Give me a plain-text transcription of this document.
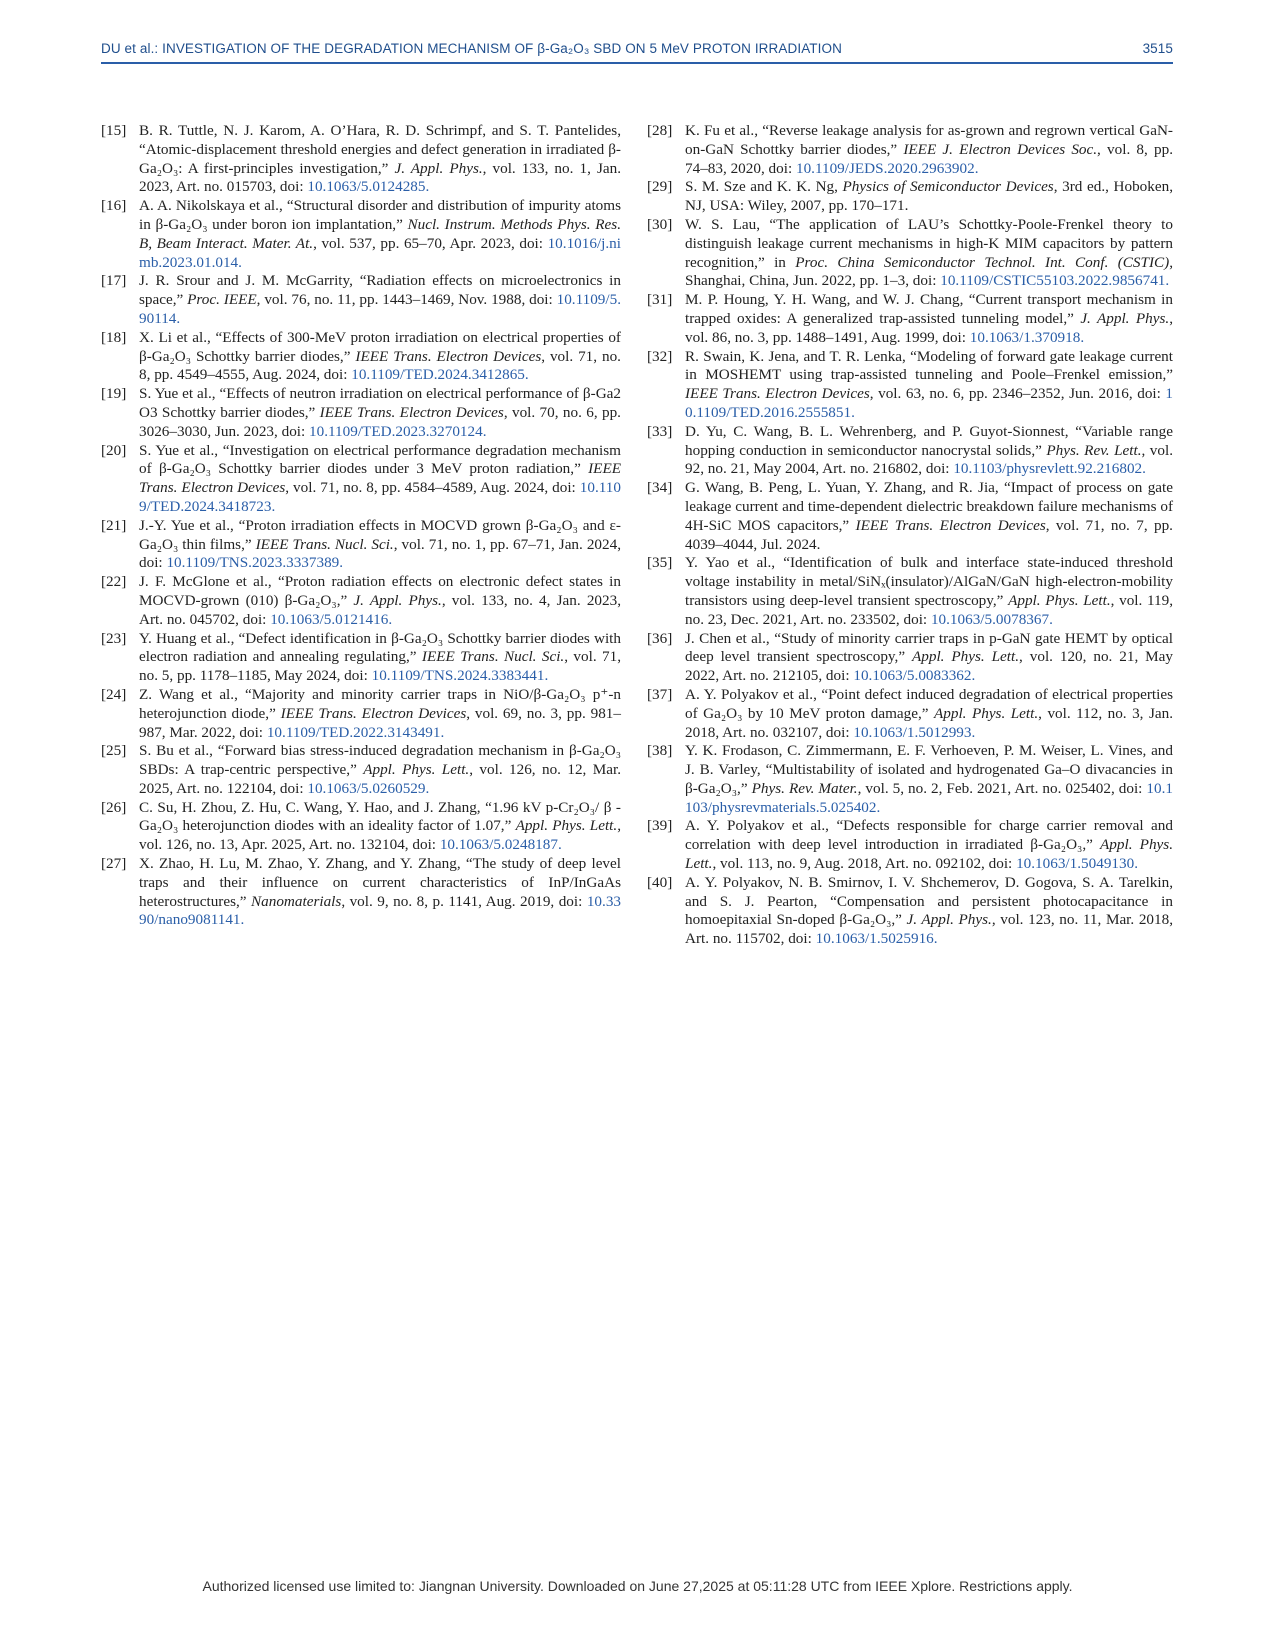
DU et al.: INVESTIGATION OF THE DEGRADATION MECHANISM OF β-Ga₂O₃ SBD ON 5 MeV PROTON IRRADIATION	3515

[15] B. R. Tuttle, N. J. Karom, A. O’Hara, R. D. Schrimpf, and S. T. Pantelides, “Atomic-displacement threshold energies and defect generation in irradiated β-Ga₂O₃: A first-principles investigation,” J. Appl. Phys., vol. 133, no. 1, Jan. 2023, Art. no. 015703, doi: 10.1063/5.0124285.

[16] A. A. Nikolskaya et al., “Structural disorder and distribution of impurity atoms in β-Ga₂O₃ under boron ion implantation,” Nucl. Instrum. Methods Phys. Res. B, Beam Interact. Mater. At., vol. 537, pp. 65–70, Apr. 2023, doi: 10.1016/j.nimb.2023.01.014.

[17] J. R. Srour and J. M. McGarrity, “Radiation effects on microelectronics in space,” Proc. IEEE, vol. 76, no. 11, pp. 1443–1469, Nov. 1988, doi: 10.1109/5.90114.

[18] X. Li et al., “Effects of 300-MeV proton irradiation on electrical properties of β-Ga₂O₃ Schottky barrier diodes,” IEEE Trans. Electron Devices, vol. 71, no. 8, pp. 4549–4555, Aug. 2024, doi: 10.1109/TED.2024.3412865.

[19] S. Yue et al., “Effects of neutron irradiation on electrical performance of β-Ga2 O3 Schottky barrier diodes,” IEEE Trans. Electron Devices, vol. 70, no. 6, pp. 3026–3030, Jun. 2023, doi: 10.1109/TED.2023.3270124.

[20] S. Yue et al., “Investigation on electrical performance degradation mechanism of β-Ga₂O₃ Schottky barrier diodes under 3 MeV proton radiation,” IEEE Trans. Electron Devices, vol. 71, no. 8, pp. 4584–4589, Aug. 2024, doi: 10.1109/TED.2024.3418723.

[21] J.-Y. Yue et al., “Proton irradiation effects in MOCVD grown β-Ga₂O₃ and ε-Ga₂O₃ thin films,” IEEE Trans. Nucl. Sci., vol. 71, no. 1, pp. 67–71, Jan. 2024, doi: 10.1109/TNS.2023.3337389.

[22] J. F. McGlone et al., “Proton radiation effects on electronic defect states in MOCVD-grown (010) β-Ga₂O₃,” J. Appl. Phys., vol. 133, no. 4, Jan. 2023, Art. no. 045702, doi: 10.1063/5.0121416.

[23] Y. Huang et al., “Defect identification in β-Ga₂O₃ Schottky barrier diodes with electron radiation and annealing regulating,” IEEE Trans. Nucl. Sci., vol. 71, no. 5, pp. 1178–1185, May 2024, doi: 10.1109/TNS.2024.3383441.

[24] Z. Wang et al., “Majority and minority carrier traps in NiO/β-Ga₂O₃ p⁺-n heterojunction diode,” IEEE Trans. Electron Devices, vol. 69, no. 3, pp. 981–987, Mar. 2022, doi: 10.1109/TED.2022.3143491.

[25] S. Bu et al., “Forward bias stress-induced degradation mechanism in β-Ga₂O₃ SBDs: A trap-centric perspective,” Appl. Phys. Lett., vol. 126, no. 12, Mar. 2025, Art. no. 122104, doi: 10.1063/5.0260529.

[26] C. Su, H. Zhou, Z. Hu, C. Wang, Y. Hao, and J. Zhang, “1.96 kV p-Cr₂O₃/ β -Ga₂O₃ heterojunction diodes with an ideality factor of 1.07,” Appl. Phys. Lett., vol. 126, no. 13, Apr. 2025, Art. no. 132104, doi: 10.1063/5.0248187.

[27] X. Zhao, H. Lu, M. Zhao, Y. Zhang, and Y. Zhang, “The study of deep level traps and their influence on current characteristics of InP/InGaAs heterostructures,” Nanomaterials, vol. 9, no. 8, p. 1141, Aug. 2019, doi: 10.3390/nano9081141.

[28] K. Fu et al., “Reverse leakage analysis for as-grown and regrown vertical GaN-on-GaN Schottky barrier diodes,” IEEE J. Electron Devices Soc., vol. 8, pp. 74–83, 2020, doi: 10.1109/JEDS.2020.2963902.

[29] S. M. Sze and K. K. Ng, Physics of Semiconductor Devices, 3rd ed., Hoboken, NJ, USA: Wiley, 2007, pp. 170–171.

[30] W. S. Lau, “The application of LAU’s Schottky-Poole-Frenkel theory to distinguish leakage current mechanisms in high-K MIM capacitors by pattern recognition,” in Proc. China Semiconductor Technol. Int. Conf. (CSTIC), Shanghai, China, Jun. 2022, pp. 1–3, doi: 10.1109/CSTIC55103.2022.9856741.

[31] M. P. Houng, Y. H. Wang, and W. J. Chang, “Current transport mechanism in trapped oxides: A generalized trap-assisted tunneling model,” J. Appl. Phys., vol. 86, no. 3, pp. 1488–1491, Aug. 1999, doi: 10.1063/1.370918.

[32] R. Swain, K. Jena, and T. R. Lenka, “Modeling of forward gate leakage current in MOSHEMT using trap-assisted tunneling and Poole–Frenkel emission,” IEEE Trans. Electron Devices, vol. 63, no. 6, pp. 2346–2352, Jun. 2016, doi: 10.1109/TED.2016.2555851.

[33] D. Yu, C. Wang, B. L. Wehrenberg, and P. Guyot-Sionnest, “Variable range hopping conduction in semiconductor nanocrystal solids,” Phys. Rev. Lett., vol. 92, no. 21, May 2004, Art. no. 216802, doi: 10.1103/physrevlett.92.216802.

[34] G. Wang, B. Peng, L. Yuan, Y. Zhang, and R. Jia, “Impact of process on gate leakage current and time-dependent dielectric breakdown failure mechanisms of 4H-SiC MOS capacitors,” IEEE Trans. Electron Devices, vol. 71, no. 7, pp. 4039–4044, Jul. 2024.

[35] Y. Yao et al., “Identification of bulk and interface state-induced threshold voltage instability in metal/SiNₓ(insulator)/AlGaN/GaN high-electron-mobility transistors using deep-level transient spectroscopy,” Appl. Phys. Lett., vol. 119, no. 23, Dec. 2021, Art. no. 233502, doi: 10.1063/5.0078367.

[36] J. Chen et al., “Study of minority carrier traps in p-GaN gate HEMT by optical deep level transient spectroscopy,” Appl. Phys. Lett., vol. 120, no. 21, May 2022, Art. no. 212105, doi: 10.1063/5.0083362.

[37] A. Y. Polyakov et al., “Point defect induced degradation of electrical properties of Ga₂O₃ by 10 MeV proton damage,” Appl. Phys. Lett., vol. 112, no. 3, Jan. 2018, Art. no. 032107, doi: 10.1063/1.5012993.

[38] Y. K. Frodason, C. Zimmermann, E. F. Verhoeven, P. M. Weiser, L. Vines, and J. B. Varley, “Multistability of isolated and hydrogenated Ga–O divacancies in β-Ga₂O₃,” Phys. Rev. Mater., vol. 5, no. 2, Feb. 2021, Art. no. 025402, doi: 10.1103/physrevmaterials.5.025402.

[39] A. Y. Polyakov et al., “Defects responsible for charge carrier removal and correlation with deep level introduction in irradiated β-Ga₂O₃,” Appl. Phys. Lett., vol. 113, no. 9, Aug. 2018, Art. no. 092102, doi: 10.1063/1.5049130.

[40] A. Y. Polyakov, N. B. Smirnov, I. V. Shchemerov, D. Gogova, S. A. Tarelkin, and S. J. Pearton, “Compensation and persistent photocapacitance in homoepitaxial Sn-doped β-Ga₂O₃,” J. Appl. Phys., vol. 123, no. 11, Mar. 2018, Art. no. 115702, doi: 10.1063/1.5025916.

Authorized licensed use limited to: Jiangnan University. Downloaded on June 27,2025 at 05:11:28 UTC from IEEE Xplore. Restrictions apply.
